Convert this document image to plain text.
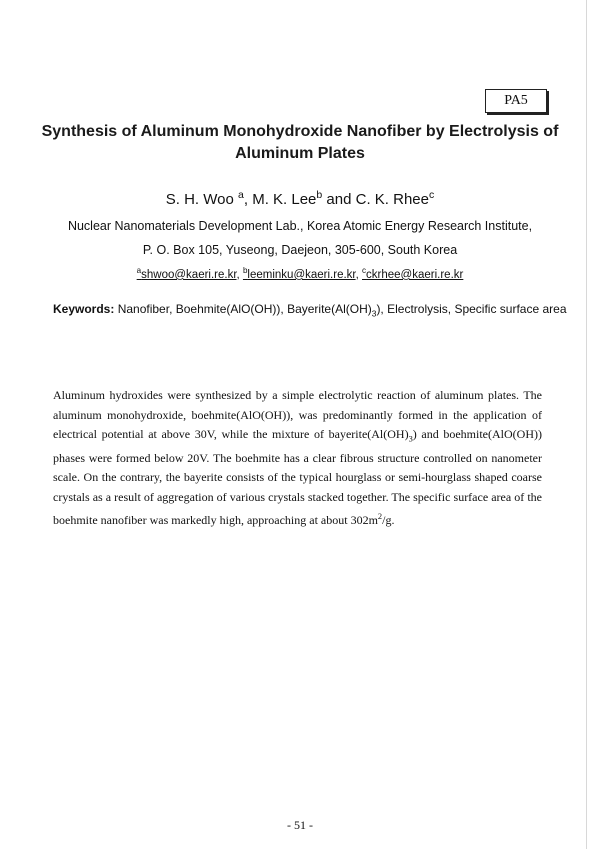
PA5
Synthesis of Aluminum Monohydroxide Nanofiber by Electrolysis of
Aluminum Plates
S. H. Woo $^a$, M. K. Lee$^b$ and C. K. Rhee$^c$
Nuclear Nanomaterials Development Lab., Korea Atomic Energy Research Institute,
P. O. Box 105, Yuseong, Daejeon, 305-600, South Korea
$^a$shwoo@kaeri.re.kr, $^b$leeminku@kaeri.re.kr, $^c$ckrhee@kaeri.re.kr
Keywords: Nanofiber, Boehmite(AlO(OH)), $Bayerite(Al(OH)_3)$, Electrolysis, Specific surface area

Aluminum hydroxides were synthesized by a simple electrolytic reaction of aluminum plates. The aluminum monohydroxide, boehmite(AlO(OH)), was predominantly formed in the application of electrical potential at above 30V, while the mixture of $bayerite(Al(OH)_3)$ and boehmite(AlO(OH)) phases were formed below 20V. The boehmite has a clear fibrous structure controlled on nanometer scale. On the contrary, the bayerite consists of the typical hourglass or semi-hourglass shaped coarse crystals as a result of aggregation of various crystals stacked together. The specific surface area of the boehmite nanofiber was markedly high, approaching at about $302m^2/g$.

- 51 -
